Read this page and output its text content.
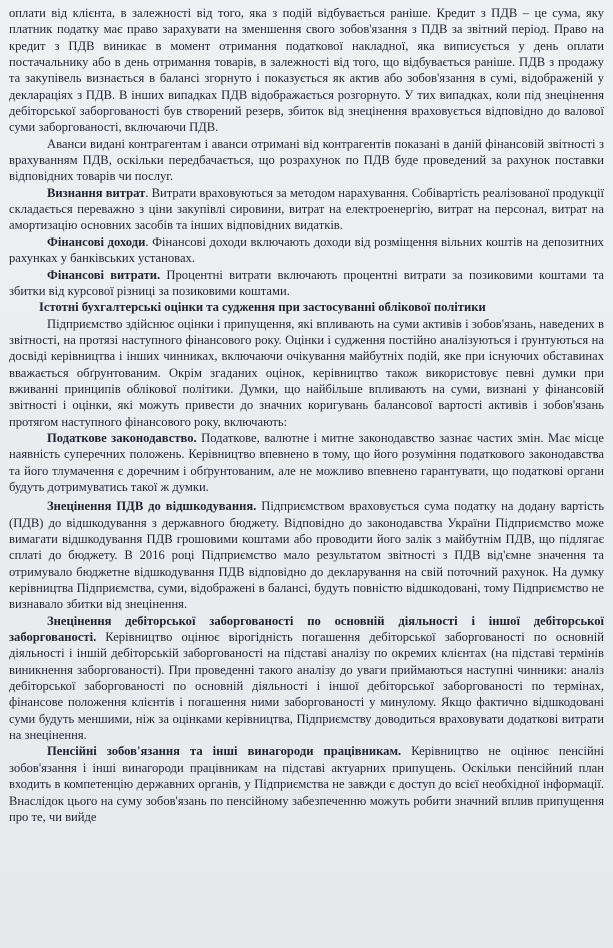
оплати від клієнта, в залежності від того, яка з подій відбувається раніше. Кредит з ПДВ – це сума, яку платник податку має право зарахувати на зменшення свого зобов'язання з ПДВ за звітний період. Право на кредит з ПДВ виникає в момент отримання податкової накладної, яка виписується у день оплати постачальнику або в день отримання товарів, в залежності від того, що відбувається раніше. ПДВ з продажу та закупівель визнається в балансі згорнуто і показується як актив або зобов'язання в сумі, відображеній у деклараціях з ПДВ. В інших випадках ПДВ відображається розгорнуто. У тих випадках, коли під знецінення дебіторської заборгованості був створений резерв, збиток від знецінення враховується відповідно до валової суми заборгованості, включаючи ПДВ.

Аванси видані контрагентам і аванси отримані від контрагентів показані в даній фінансовій звітності з врахуванням ПДВ, оскільки передбачається, що розрахунок по ПДВ буде проведений за рахунок поставки відповідних товарів чи послуг.

Визнання витрат. Витрати враховуються за методом нарахування. Собівартість реалізованої продукції складається переважно з ціни закупівлі сировини, витрат на електроенергію, витрат на персонал, витрат на амортизацію основних засобів та інших відповідних видатків.

Фінансові доходи. Фінансові доходи включають доходи від розміщення вільних коштів на депозитних рахунках у банківських установах.

Фінансові витрати. Процентні витрати включають процентні витрати за позиковими коштами та збитки від курсової різниці за позиковими коштами.

Істотні бухгалтерські оцінки та судження при застосуванні облікової політики

Підприємство здійснює оцінки і припущення, які впливають на суми активів і зобов'язань, наведених в звітності, на протязі наступного фінансового року. Оцінки і судження постійно аналізуються і ґрунтуються на досвіді керівництва і інших чинниках, включаючи очікування майбутніх подій, яке при існуючих обставинах вважається обґрунтованим. Окрім згаданих оцінок, керівництво також використовує певні думки при вживанні принципів облікової політики. Думки, що найбільше впливають на суми, визнані у фінансовій звітності і оцінки, які можуть привести до значних коригувань балансової вартості активів і зобов'язань протягом наступного фінансового року, включають:

Податкове законодавство. Податкове, валютне і митне законодавство зазнає частих змін. Має місце наявність суперечних положень. Керівництво впевнено в тому, що його розуміння податкового законодавства та його тлумачення є доречним і обґрунтованим, але не можливо впевнено гарантувати, що податкові органи будуть дотримуватись такої ж думки.

Знецінення ПДВ до відшкодування. Підприємством враховується сума податку на додану вартість (ПДВ) до відшкодування з державного бюджету. Відповідно до законодавства України Підприємство може вимагати відшкодування ПДВ грошовими коштами або проводити його залік з майбутнім ПДВ, що підлягає сплаті до бюджету. В 2016 році Підприємство мало результатом звітності з ПДВ від'ємне значення та отримувало бюджетне відшкодування ПДВ відповідно до декларування на свій поточний рахунок. На думку керівництва Підприємства, суми, відображені в балансі, будуть повністю відшкодовані, тому Підприємство не визнавало збитки від знецінення.

Знецінення дебіторської заборгованості по основній діяльності і іншої дебіторської заборгованості. Керівництво оцінює вірогідність погашення дебіторської заборгованості по основній діяльності і іншій дебіторській заборгованості на підставі аналізу по окремих клієнтах (на підставі термінів виникнення заборгованості). При проведенні такого аналізу до уваги приймаються наступні чинники: аналіз дебіторської заборгованості по основній діяльності і іншої дебіторської заборгованості по термінах, фінансове положення клієнтів і погашення ними заборгованості у минулому. Якщо фактично відшкодовані суми будуть меншими, ніж за оцінками керівництва, Підприємству доводиться враховувати додаткові витрати на знецінення.

Пенсійні зобов'язання та інші винагороди працівникам. Керівництво не оцінює пенсійні зобов'язання і інші винагороди працівникам на підставі актуарних припущень. Оскільки пенсійний план входить в компетенцію державних органів, у Підприємства не завжди є доступ до всієї необхідної інформації. Внаслідок цього на суму зобов'язань по пенсійному забезпеченню можуть робити значний вплив припущення про те, чи вийде
